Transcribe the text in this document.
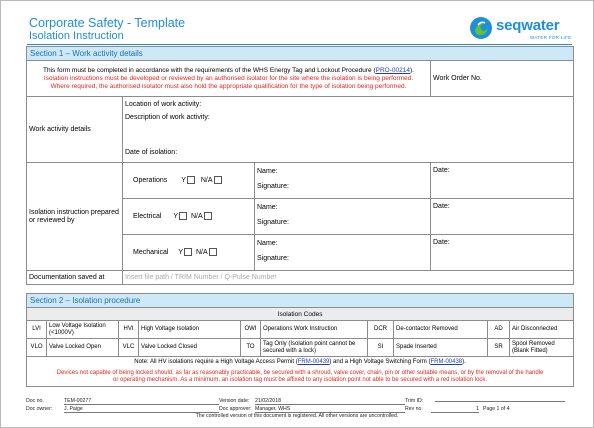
Corporate Safety - Template
Isolation Instruction
seqwater
WATER FOR LIFE
Section 1 – Work activity details			
This form must be completed in accordance with the requirements of the WHS Energy Tag and Lockout Procedure (PRO-00214).
Isolation instructions must be developed or reviewed by an authorised isolator for the site where the isolation is being performed.
Where required, the authorised isolator must also hold the appropriate qualification for the type of isolation being performed.			Work Order No.
Work activity details	Location of work activity:
Description of work activity:
Date of isolation:		

Isolation instruction prepared or reviewed by	Operations Y N/A	Name:
Signature:	Date:
	Electrical Y N/A	Name:
Signature:	Date:
	Mechanical Y N/A	Name:
Signature:	Date:
Documentation saved at	Insert file path / TRIM Number / Q-Pulse Number		
Section 2 – Isolation procedure									
Isolation Codes									
LVI	Low Voltage Isolation (<1000V)	HVI	High Voltage Isolation	OWI	Operations Work Instruction	DCR	De-contactor Removed	AD	Air Disconnected
VLO	Valve Locked Open	VLC	Valve Locked Closed	TO	Tag Only (Isolation point cannot be secured with a lock)	SI	Spade Inserted	SR	Spool Removed (Blank Fitted)
Note: All HV isolations require a High Voltage Access Permit (FRM-00439) and a High Voltage Switching Form (FRM-00438).									
Devices not capable of being locked should, as far as reasonably practicable, be secured with a shroud, valve cover, chain, pin or other suitable means, or by the removal of the handle
or operating mechanism. As a minimum, an isolation tag must be affixed to any isolation point not able to be secured with a red isolation lock.									
Doc no.	TEM-00277	Version date: 21/02/2018	Trim ID:
Doc owner: J. Paige	Doc approver: Manager, WHS	Rev no.	1 Page 1 of 4
The controlled version of this document is registered. All other versions are uncontrolled.
